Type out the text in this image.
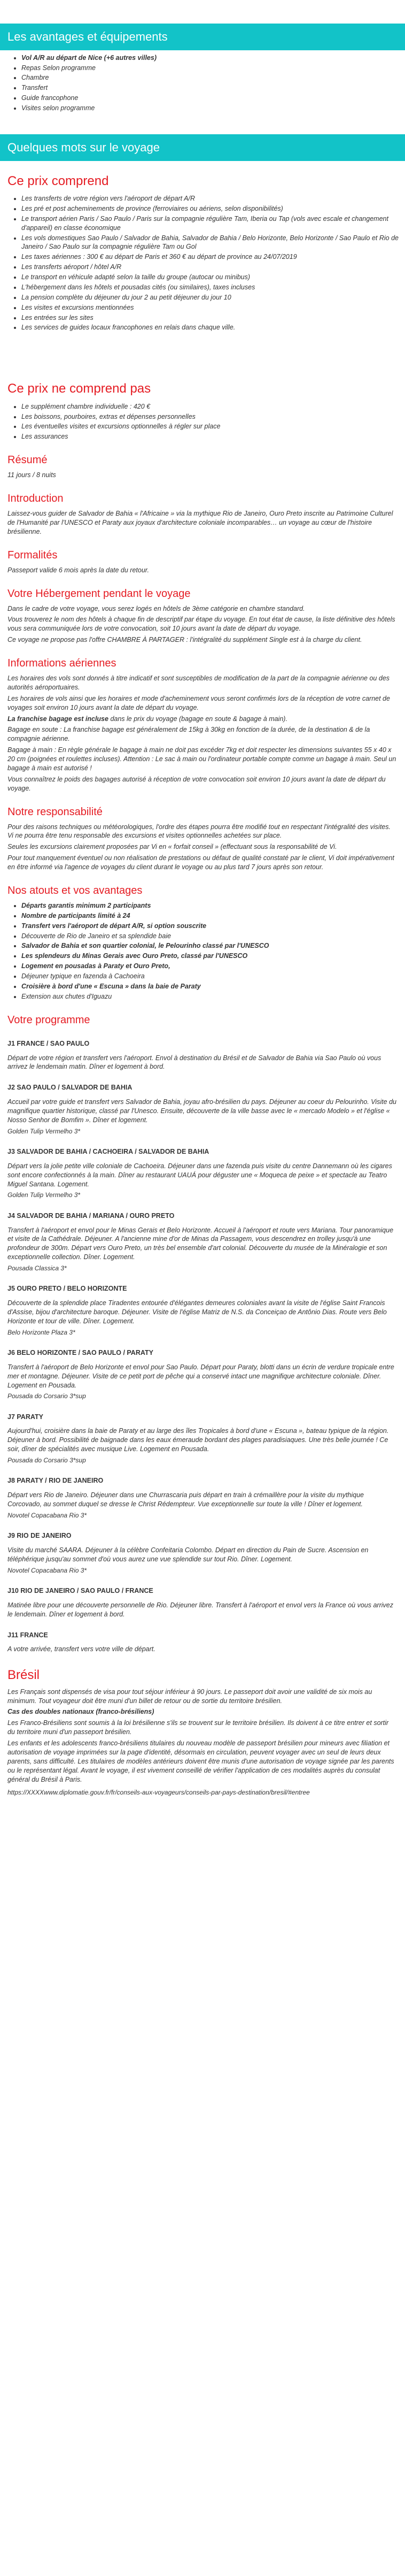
Les avantages et équipements
• Vol A/R au départ de Nice (+6 autres villes)
• Repas Selon programme
• Chambre
• Transfert
• Guide francophone
• Visites selon programme
Quelques mots sur le voyage
Ce prix comprend
• Les transferts de votre région vers l'aéroport de départ A/R
• Les pré et post acheminements de province (ferroviaires ou aériens, selon disponibilités)
• Le transport aérien Paris / Sao Paulo / Paris sur la compagnie régulière Tam, Iberia ou Tap (vols avec escale et changement d'appareil) en classe économique
• Les vols domestiques Sao Paulo / Salvador de Bahia, Salvador de Bahia / Belo Horizonte, Belo Horizonte / Sao Paulo et Rio de Janeiro / Sao Paulo sur la compagnie régulière Tam ou Gol
• Les taxes aériennes : 300 € au départ de Paris et 360 € au départ de province au 24/07/2019
• Les transferts aéroport / hôtel A/R
• Le transport en véhicule adapté selon la taille du groupe (autocar ou minibus)
• L'hébergement dans les hôtels et pousadas cités (ou similaires), taxes incluses
• La pension complète du déjeuner du jour 2 au petit déjeuner du jour 10
• Les visites et excursions mentionnées
• Les entrées sur les sites
• Les services de guides locaux francophones en relais dans chaque ville.
Ce prix ne comprend pas
• Le supplément chambre individuelle : 420 €
• Les boissons, pourboires, extras et dépenses personnelles
• Les éventuelles visites et excursions optionnelles à régler sur place
• Les assurances
Résumé

11 jours / 8 nuits

Introduction

Laissez-vous guider de Salvador de Bahia « l'Africaine » via la mythique Rio de Janeiro, Ouro Preto inscrite au Patrimoine Culturel de l'Humanité par l'UNESCO et Paraty aux joyaux d'architecture coloniale incomparables… un voyage au cœur de l'histoire brésilienne.

Formalités

Passeport valide 6 mois après la date du retour.

Votre Hébergement pendant le voyage

Dans le cadre de votre voyage, vous serez logés en hôtels de 3ème catégorie en chambre standard.

Vous trouverez le nom des hôtels à chaque fin de descriptif par étape du voyage. En tout état de cause, la liste définitive des hôtels vous sera communiquée lors de votre convocation, soit 10 jours avant la date de départ du voyage.

Ce voyage ne propose pas l'offre CHAMBRE À PARTAGER : l'intégralité du supplément Single est à la charge du client.

Informations aériennes

Les horaires des vols sont donnés à titre indicatif et sont susceptibles de modification de la part de la compagnie aérienne ou des autorités aéroportuaires.

Les horaires de vols ainsi que les horaires et mode d'acheminement vous seront confirmés lors de la réception de votre carnet de voyages soit environ 10 jours avant la date de départ du voyage.

La franchise bagage est incluse dans le prix du voyage (bagage en soute & bagage à main).

Bagage en soute : La franchise bagage est généralement de 15kg à 30kg en fonction de la durée, de la destination & de la compagnie aérienne.

Bagage à main : En règle générale le bagage à main ne doit pas excéder 7kg et doit respecter les dimensions suivantes 55 x 40 x 20 cm (poignées et roulettes incluses). Attention : Le sac à main ou l'ordinateur portable compte comme un bagage à main. Seul un bagage à main est autorisé !

Vous connaîtrez le poids des bagages autorisé à réception de votre convocation soit environ 10 jours avant la date de départ du voyage.

Notre responsabilité

Pour des raisons techniques ou météorologiques, l'ordre des étapes pourra être modifié tout en respectant l'intégralité des visites. Vi ne pourra être tenu responsable des excursions et visites optionnelles achetées sur place.

Seules les excursions clairement proposées par Vi en « forfait conseil » (effectuant sous la responsabilité de Vi.

Pour tout manquement éventuel ou non réalisation de prestations ou défaut de qualité constaté par le client, Vi doit impérativement en être informé via l'agence de voyages du client durant le voyage ou au plus tard 7 jours après son retour.

Nos atouts et vos avantages
• Départs garantis minimum 2 participants
• Nombre de participants limité à 24
• Transfert vers l'aéroport de départ A/R, si option souscrite
• Découverte de Rio de Janeiro et sa splendide baie
• Salvador de Bahia et son quartier colonial, le Pelourinho classé par l'UNESCO
• Les splendeurs du Minas Gerais avec Ouro Preto, classé par l'UNESCO
• Logement en pousadas à Paraty et Ouro Preto,
• Déjeuner typique en fazenda à Cachoeira
• Croisière à bord d'une « Escuna » dans la baie de Paraty
• Extension aux chutes d'Iguazu
Votre programme
J1 FRANCE / SAO PAULO

Départ de votre région et transfert vers l'aéroport. Envol à destination du Brésil et de Salvador de Bahia via Sao Paulo où vous arrivez le lendemain matin. Dîner et logement à bord.

J2 SAO PAULO / SALVADOR DE BAHIA

Accueil par votre guide et transfert vers Salvador de Bahia, joyau afro-brésilien du pays. Déjeuner au coeur du Pelourinho. Visite du magnifique quartier historique, classé par l'Unesco. Ensuite, découverte de la ville basse avec le « mercado Modelo » et l'église « Nosso Senhor de Bomfim ». Dîner et logement.

Golden Tulip Vermelho 3*

J3 SALVADOR DE BAHIA / CACHOEIRA / SALVADOR DE BAHIA

Départ vers la jolie petite ville coloniale de Cachoeira. Déjeuner dans une fazenda puis visite du centre Dannemann où les cigares sont encore confectionnés à la main. Dîner au restaurant UAUÁ pour déguster une « Moqueca de peixe » et spectacle au Teatro Miguel Santana. Logement.

Golden Tulip Vermelho 3*

J4 SALVADOR DE BAHIA / MARIANA / OURO PRETO

Transfert à l'aéroport et envol pour le Minas Gerais et Belo Horizonte. Accueil à l'aéroport et route vers Mariana. Tour panoramique et visite de la Cathédrale. Déjeuner. A l'ancienne mine d'or de Minas da Passagem, vous descendrez en trolley jusqu'à une profondeur de 300m. Départ vers Ouro Preto, un très bel ensemble d'art colonial. Découverte du musée de la Minéralogie et son exceptionnelle collection. Dîner. Logement.

Pousada Classica 3*

J5 OURO PRETO / BELO HORIZONTE

Découverte de la splendide place Tiradentes entourée d'élégantes demeures coloniales avant la visite de l'église Saint Francois d'Assise, bijou d'architecture baroque. Déjeuner. Visite de l'église Matriz de N.S. da Conceiçao de Antônio Dias. Route vers Belo Horizonte et tour de ville. Dîner. Logement.

Belo Horizonte Plaza 3*

J6 BELO HORIZONTE / SAO PAULO / PARATY

Transfert à l'aéroport de Belo Horizonte et envol pour Sao Paulo. Départ pour Paraty, blotti dans un écrin de verdure tropicale entre mer et montagne. Déjeuner. Visite de ce petit port de pêche qui a conservé intact une magnifique architecture coloniale. Dîner. Logement en Pousada.

Pousada do Corsario 3*sup

J7 PARATY

Aujourd'hui, croisière dans la baie de Paraty et au large des îles Tropicales à bord d'une « Escuna », bateau typique de la région. Déjeuner à bord. Possibilité de baignade dans les eaux émeraude bordant des plages paradisiaques. Une très belle journée ! Ce soir, dîner de spécialités avec musique Live. Logement en Pousada.

Pousada do Corsario 3*sup

J8 PARATY / RIO DE JANEIRO

Départ vers Rio de Janeiro. Déjeuner dans une Churrascaria puis départ en train à crémaillère pour la visite du mythique Corcovado, au sommet duquel se dresse le Christ Rédempteur. Vue exceptionnelle sur toute la ville ! Dîner et logement.

Novotel Copacabana Rio 3*

J9 RIO DE JANEIRO

Visite du marché SAARA. Déjeuner à la célèbre Confeitaria Colombo. Départ en direction du Pain de Sucre. Ascension en téléphérique jusqu'au sommet d'où vous aurez une vue splendide sur tout Rio. Dîner. Logement.

Novotel Copacabana Rio 3*

J10 RIO DE JANEIRO / SAO PAULO / FRANCE

Matinée libre pour une découverte personnelle de Rio. Déjeuner libre. Transfert à l'aéroport et envol vers la France où vous arrivez le lendemain. Dîner et logement à bord.

J11 FRANCE

A votre arrivée, transfert vers votre ville de départ.

Brésil

Les Français sont dispensés de visa pour tout séjour inférieur à 90 jours. Le passeport doit avoir une validité de six mois au minimum. Tout voyageur doit être muni d'un billet de retour ou de sortie du territoire brésilien.

Cas des doubles nationaux (franco-brésiliens)

Les Franco-Brésiliens sont soumis à la loi brésilienne s'ils se trouvent sur le territoire brésilien. Ils doivent à ce titre entrer et sortir du territoire muni d'un passeport brésilien.

Les enfants et les adolescents franco-brésiliens titulaires du nouveau modèle de passeport brésilien pour mineurs avec filiation et autorisation de voyage imprimées sur la page d'identité, désormais en circulation, peuvent voyager avec un seul de leurs deux parents, sans difficulté. Les titulaires de modèles antérieurs doivent être munis d'une autorisation de voyage signée par les parents ou le représentant légal. Avant le voyage, il est vivement conseillé de vérifier l'application de ces modalités auprès du consulat général du Brésil à Paris.

https://XXXXwww.diplomatie.gouv.fr/fr/conseils-aux-voyageurs/conseils-par-pays-destination/bresil/#entree
